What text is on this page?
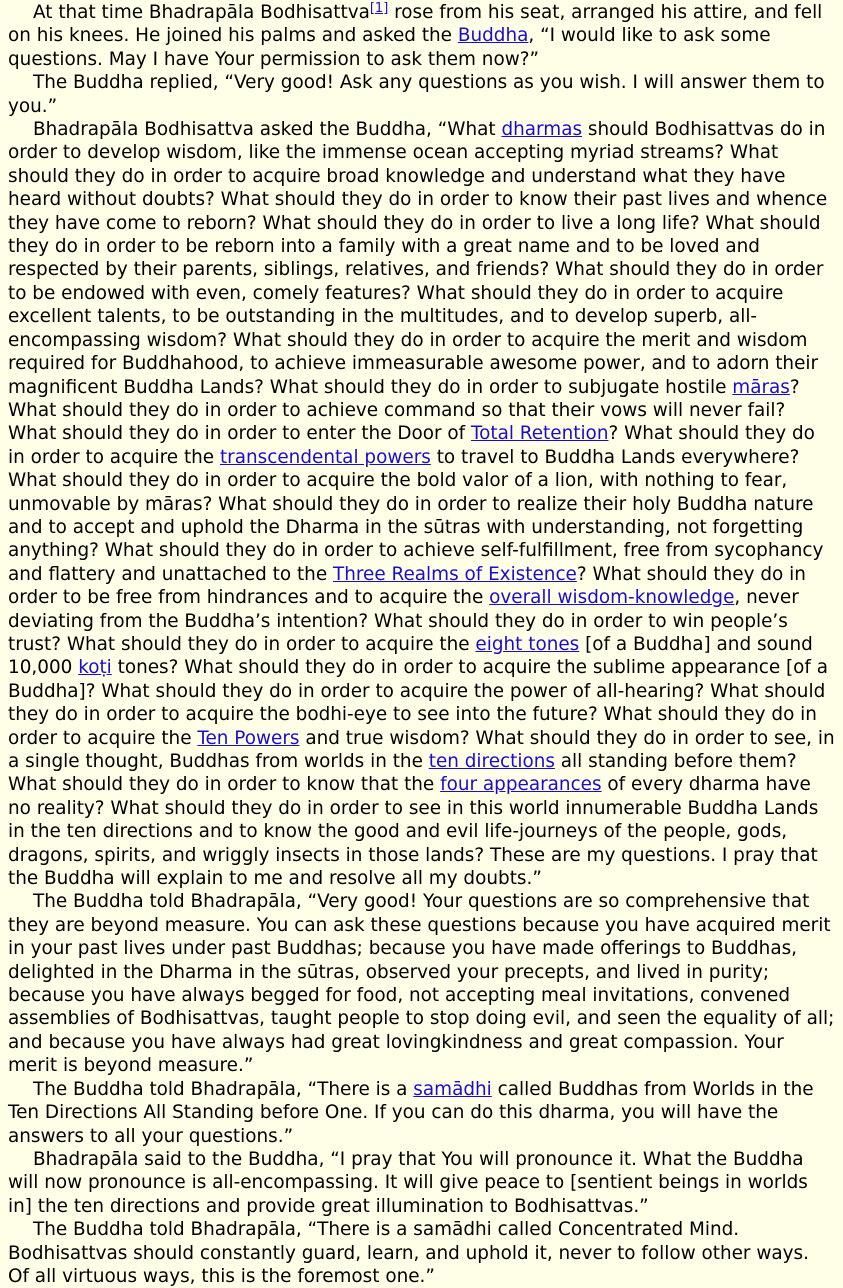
At that time Bhadrapāla Bodhisattva[1] rose from his seat, arranged his attire, and fell on his knees. He joined his palms and asked the Buddha, “I would like to ask some questions. May I have Your permission to ask them now?”

The Buddha replied, “Very good! Ask any questions as you wish. I will answer them to you.”

Bhadrapāla Bodhisattva asked the Buddha, “What dharmas should Bodhisattvas do in order to develop wisdom, like the immense ocean accepting myriad streams? What should they do in order to acquire broad knowledge and understand what they have heard without doubts? What should they do in order to know their past lives and whence they have come to reborn? What should they do in order to live a long life? What should they do in order to be reborn into a family with a great name and to be loved and respected by their parents, siblings, relatives, and friends? What should they do in order to be endowed with even, comely features? What should they do in order to acquire excellent talents, to be outstanding in the multitudes, and to develop superb, all-encompassing wisdom? What should they do in order to acquire the merit and wisdom required for Buddhahood, to achieve immeasurable awesome power, and to adorn their magnificent Buddha Lands? What should they do in order to subjugate hostile māras? What should they do in order to achieve command so that their vows will never fail? What should they do in order to enter the Door of Total Retention? What should they do in order to acquire the transcendental powers to travel to Buddha Lands everywhere? What should they do in order to acquire the bold valor of a lion, with nothing to fear, unmovable by māras? What should they do in order to realize their holy Buddha nature and to accept and uphold the Dharma in the sūtras with understanding, not forgetting anything? What should they do in order to achieve self-fulfillment, free from sycophancy and flattery and unattached to the Three Realms of Existence? What should they do in order to be free from hindrances and to acquire the overall wisdom-knowledge, never deviating from the Buddha’s intention? What should they do in order to win people’s trust? What should they do in order to acquire the eight tones [of a Buddha] and sound 10,000 koṭi tones? What should they do in order to acquire the sublime appearance [of a Buddha]? What should they do in order to acquire the power of all-hearing? What should they do in order to acquire the bodhi-eye to see into the future? What should they do in order to acquire the Ten Powers and true wisdom? What should they do in order to see, in a single thought, Buddhas from worlds in the ten directions all standing before them? What should they do in order to know that the four appearances of every dharma have no reality? What should they do in order to see in this world innumerable Buddha Lands in the ten directions and to know the good and evil life-journeys of the people, gods, dragons, spirits, and wriggly insects in those lands? These are my questions. I pray that the Buddha will explain to me and resolve all my doubts.”

The Buddha told Bhadrapāla, “Very good! Your questions are so comprehensive that they are beyond measure. You can ask these questions because you have acquired merit in your past lives under past Buddhas; because you have made offerings to Buddhas, delighted in the Dharma in the sūtras, observed your precepts, and lived in purity; because you have always begged for food, not accepting meal invitations, convened assemblies of Bodhisattvas, taught people to stop doing evil, and seen the equality of all; and because you have always had great lovingkindness and great compassion. Your merit is beyond measure.”

The Buddha told Bhadrapāla, “There is a samādhi called Buddhas from Worlds in the Ten Directions All Standing before One. If you can do this dharma, you will have the answers to all your questions.”

Bhadrapāla said to the Buddha, “I pray that You will pronounce it. What the Buddha will now pronounce is all-encompassing. It will give peace to [sentient beings in worlds in] the ten directions and provide great illumination to Bodhisattvas.”

The Buddha told Bhadrapāla, “There is a samādhi called Concentrated Mind. Bodhisattvas should constantly guard, learn, and uphold it, never to follow other ways. Of all virtuous ways, this is the foremost one.”
